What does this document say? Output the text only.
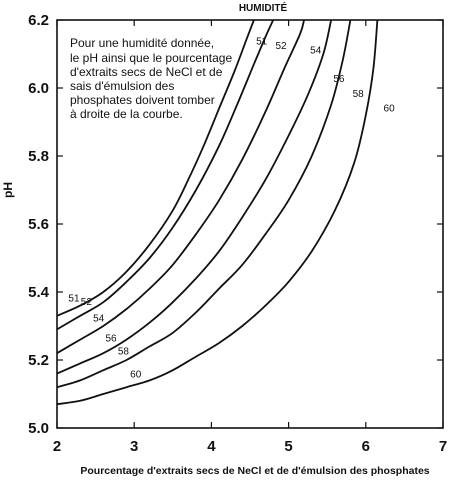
2	3	4	5	6	7
5.0
5.2
5.4
5.6
5.8
6.0
6.2
51
51
52
52
54
54
56
56
58
58
60
60
HUMIDITÉ
pH
Pourcentage d'extraits secs de NeCl et de d'émulsion des phosphates
Pour une humidité donnée,
le pH ainsi que le pourcentage
d'extraits secs de NeCl et de
sais d'émulsion des
phosphates doivent tomber
à droite de la courbe.
